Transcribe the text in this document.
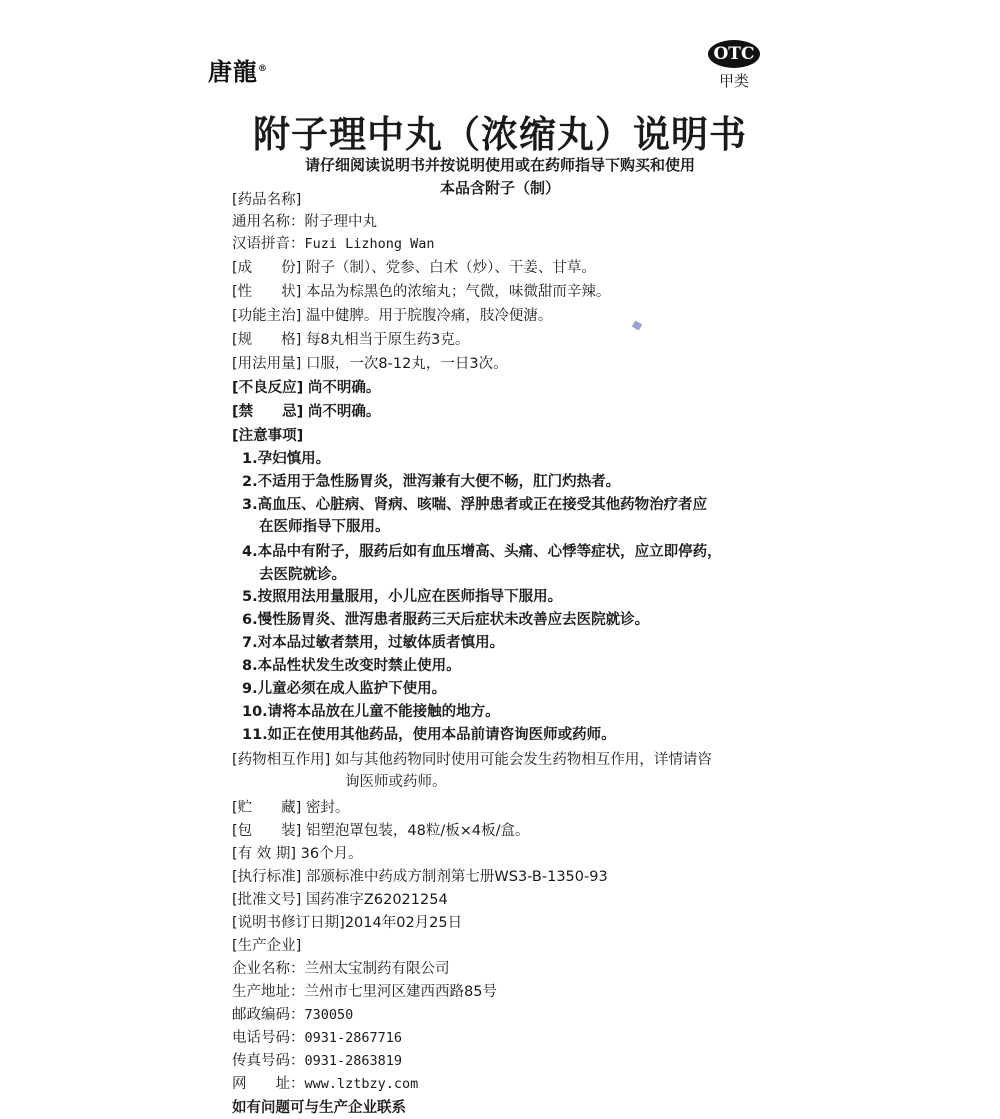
唐龍®
OTC
甲类
附子理中丸（浓缩丸）说明书
请仔细阅读说明书并按说明使用或在药师指导下购买和使用
本品含附子（制）
[药品名称]
通用名称：附子理中丸
汉语拼音：Fuzi Lizhong Wan
[成　　份] 附子（制）、党参、白术（炒）、干姜、甘草。
[性　　状] 本品为棕黑色的浓缩丸；气微，味微甜而辛辣。
[功能主治] 温中健脾。用于脘腹冷痛，肢冷便溏。
[规　　格] 每8丸相当于原生药3克。
[用法用量] 口服，一次8-12丸，一日3次。
[不良反应] 尚不明确。
[禁　　忌] 尚不明确。
[注意事项]
1.孕妇慎用。
2.不适用于急性肠胃炎，泄泻兼有大便不畅，肛门灼热者。
3.高血压、心脏病、肾病、咳喘、浮肿患者或正在接受其他药物治疗者应
在医师指导下服用。
4.本品中有附子，服药后如有血压增高、头痛、心悸等症状，应立即停药，
去医院就诊。
5.按照用法用量服用，小儿应在医师指导下服用。
6.慢性肠胃炎、泄泻患者服药三天后症状未改善应去医院就诊。
7.对本品过敏者禁用，过敏体质者慎用。
8.本品性状发生改变时禁止使用。
9.儿童必须在成人监护下使用。
10.请将本品放在儿童不能接触的地方。
11.如正在使用其他药品，使用本品前请咨询医师或药师。
[药物相互作用] 如与其他药物同时使用可能会发生药物相互作用，详情请咨
询医师或药师。
[贮　　藏] 密封。
[包　　装] 铝塑泡罩包装，48粒/板×4板/盒。
[有 效 期] 36个月。
[执行标准] 部颁标准中药成方制剂第七册WS3-B-1350-93
[批准文号] 国药准字Z62021254
[说明书修订日期]2014年02月25日
[生产企业]
企业名称：兰州太宝制药有限公司
生产地址：兰州市七里河区建西西路85号
邮政编码：730050
电话号码：0931-2867716
传真号码：0931-2863819
网　　址：www.lztbzy.com
如有问题可与生产企业联系
